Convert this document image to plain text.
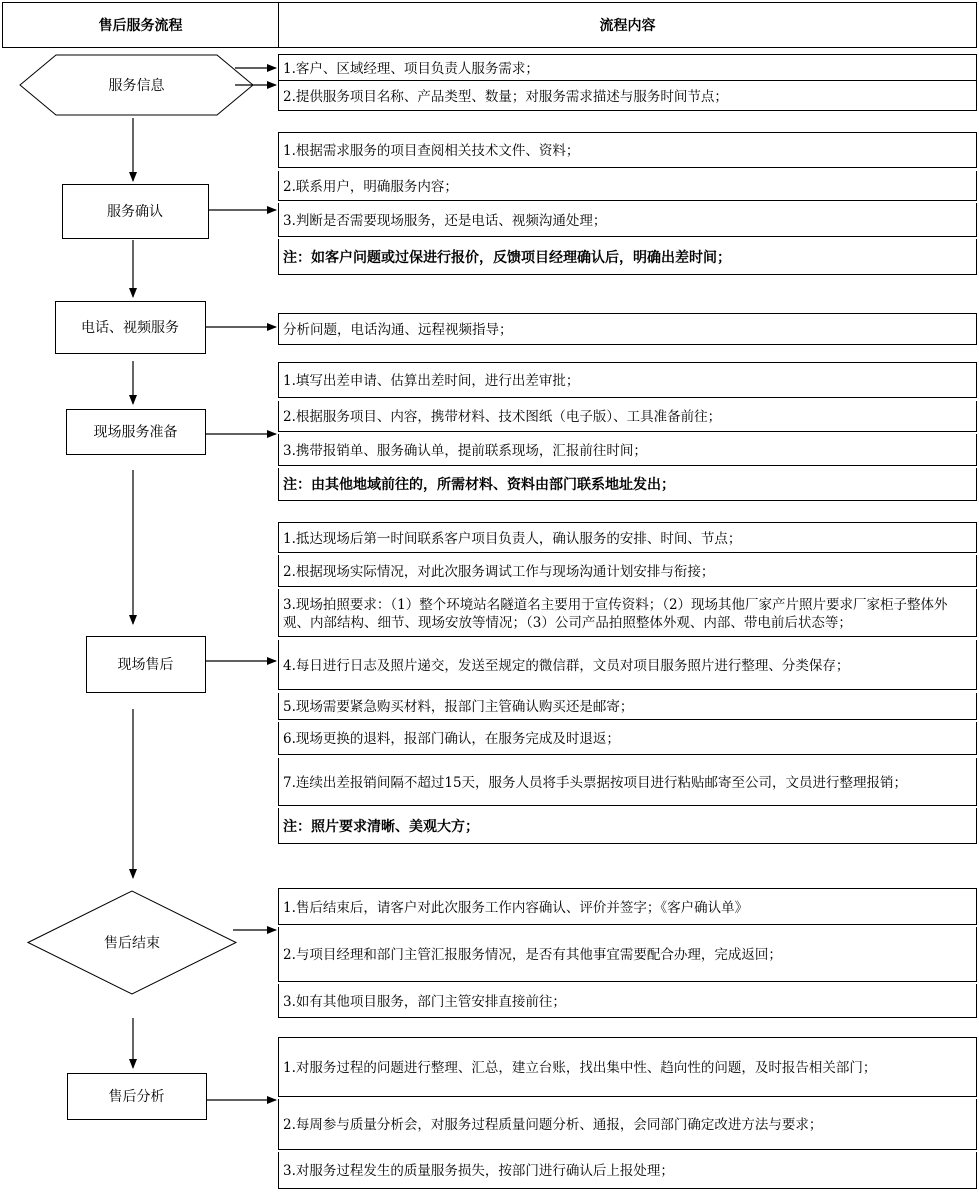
售后服务流程	流程内容
服务信息
服务确认
电话、视频服务
现场服务准备
现场售后
售后结束
售后分析
1.客户、区域经理、项目负责人服务需求；
2.提供服务项目名称、产品类型、数量；对服务需求描述与服务时间节点；
1.根据需求服务的项目查阅相关技术文件、资料；
2.联系用户，明确服务内容；
3.判断是否需要现场服务，还是电话、视频沟通处理；
注：如客户问题或过保进行报价，反馈项目经理确认后，明确出差时间；
分析问题，电话沟通、远程视频指导；
1.填写出差申请、估算出差时间，进行出差审批；
2.根据服务项目、内容，携带材料、技术图纸（电子版）、工具准备前往；
3.携带报销单、服务确认单，提前联系现场，汇报前往时间；
注：由其他地域前往的，所需材料、资料由部门联系地址发出；
1.抵达现场后第一时间联系客户项目负责人，确认服务的安排、时间、节点；
2.根据现场实际情况，对此次服务调试工作与现场沟通计划安排与衔接；
3.现场拍照要求：（1）整个环境站名隧道名主要用于宣传资料；（2）现场其他厂家产片照片要求厂家柜子整体外观、内部结构、细节、现场安放等情况；（3）公司产品拍照整体外观、内部、带电前后状态等；
4.每日进行日志及照片递交，发送至规定的微信群，文员对项目服务照片进行整理、分类保存；
5.现场需要紧急购买材料，报部门主管确认购买还是邮寄；
6.现场更换的退料，报部门确认，在服务完成及时退返；
7.连续出差报销间隔不超过15天，服务人员将手头票据按项目进行粘贴邮寄至公司，文员进行整理报销；
注：照片要求清晰、美观大方；
1.售后结束后，请客户对此次服务工作内容确认、评价并签字；《客户确认单》
2.与项目经理和部门主管汇报服务情况，是否有其他事宜需要配合办理，完成返回；
3.如有其他项目服务，部门主管安排直接前往；
1.对服务过程的问题进行整理、汇总，建立台账，找出集中性、趋向性的问题，及时报告相关部门；
2.每周参与质量分析会，对服务过程质量问题分析、通报，会同部门确定改进方法与要求；
3.对服务过程发生的质量服务损失，按部门进行确认后上报处理；
